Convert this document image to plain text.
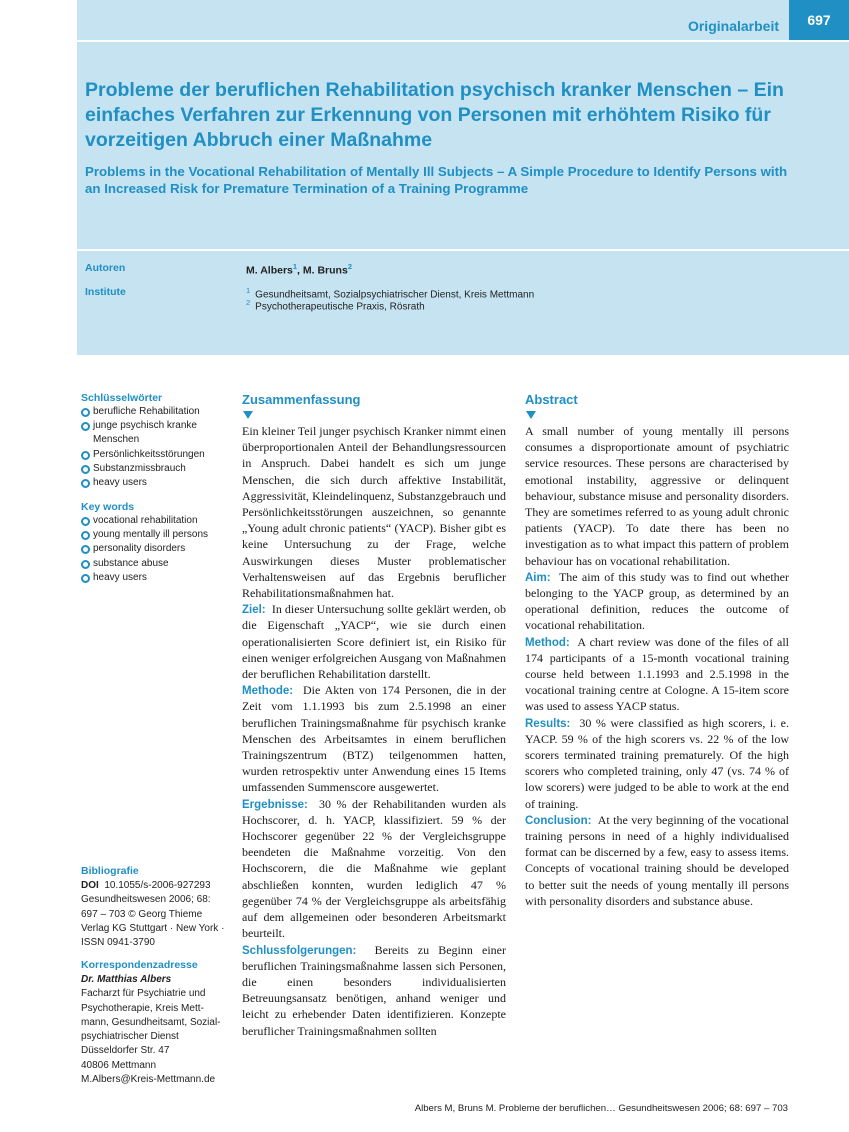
Originalarbeit	697
Probleme der beruflichen Rehabilitation psychisch kranker Menschen – Ein einfaches Verfahren zur Erkennung von Personen mit erhöhtem Risiko für vorzeitigen Abbruch einer Maßnahme
Problems in the Vocational Rehabilitation of Mentally Ill Subjects – A Simple Procedure to Identify Persons with an Increased Risk for Premature Termination of a Training Programme
Autoren	M. Albers$^1$, M. Bruns$^2$
Institute	$^1$ Gesundheitsamt, Sozialpsychiatrischer Dienst, Kreis Mettmann
$^2$ Psychotherapeutische Praxis, Rösrath
Schlüsselwörter
berufliche Rehabilitation
junge psychisch kranke Menschen
Persönlichkeitsstörungen
Substanzmissbrauch
heavy users
Key words
vocational rehabilitation
young mentally ill persons
personality disorders
substance abuse
heavy users
Bibliografie
DOI 10.1055/s-2006-927293
Gesundheitswesen 2006; 68:
697 – 703 © Georg Thieme
Verlag KG Stuttgart · New York ·
ISSN 0941-3790
Korrespondenzadresse
Dr. Matthias Albers
Facharzt für Psychiatrie und
Psychotherapie, Kreis Mett-
mann, Gesundheitsamt, Sozial-
psychiatrischer Dienst
Düsseldorfer Str. 47
40806 Mettmann
M.Albers@Kreis-Mettmann.de
Zusammenfassung

Ein kleiner Teil junger psychisch Kranker nimmt einen überproportionalen Anteil der Behandlungsressourcen in Anspruch. Dabei handelt es sich um junge Menschen, die sich durch affektive Instabilität, Aggressivität, Kleindelinquenz, Substanzgebrauch und Persönlichkeitsstörungen auszeichnen, so genannte „Young adult chronic patients“ (YACP). Bisher gibt es keine Untersuchung zu der Frage, welche Auswirkungen dieses Muster problematischer Verhaltensweisen auf das Ergebnis beruflicher Rehabilitationsmaßnahmen hat.

Ziel: In dieser Untersuchung sollte geklärt werden, ob die Eigenschaft „YACP“, wie sie durch einen operationalisierten Score definiert ist, ein Risiko für einen weniger erfolgreichen Ausgang von Maßnahmen der beruflichen Rehabilitation darstellt.

Methode: Die Akten von 174 Personen, die in der Zeit vom 1.1.1993 bis zum 2.5.1998 an einer beruflichen Trainingsmaßnahme für psychisch kranke Menschen des Arbeitsamtes in einem beruflichen Trainingszentrum (BTZ) teilgenommen hatten, wurden retrospektiv unter Anwendung eines 15 Items umfassenden Summenscore ausgewertet.

Ergebnisse: 30 % der Rehabilitanden wurden als Hochscorer, d. h. YACP, klassifiziert. 59 % der Hochscorer gegenüber 22 % der Vergleichsgruppe beendeten die Maßnahme vorzeitig. Von den Hochscorern, die die Maßnahme wie geplant abschließen konnten, wurden lediglich 47 % gegenüber 74 % der Vergleichsgruppe als arbeitsfähig auf dem allgemeinen oder besonderen Arbeitsmarkt beurteilt.

Schlussfolgerungen: Bereits zu Beginn einer beruflichen Trainingsmaßnahme lassen sich Personen, die einen besonders individualisierten Betreuungsansatz benötigen, anhand weniger und leicht zu erhebender Daten identifizieren. Konzepte beruflicher Trainingsmaßnahmen sollten

Abstract

A small number of young mentally ill persons consumes a disproportionate amount of psychiatric service resources. These persons are characterised by emotional instability, aggressive or delinquent behaviour, substance misuse and personality disorders. They are sometimes referred to as young adult chronic patients (YACP). To date there has been no investigation as to what impact this pattern of problem behaviour has on vocational rehabilitation.

Aim: The aim of this study was to find out whether belonging to the YACP group, as determined by an operational definition, reduces the outcome of vocational rehabilitation.

Method: A chart review was done of the files of all 174 participants of a 15-month vocational training course held between 1.1.1993 and 2.5.1998 in the vocational training centre at Cologne. A 15-item score was used to assess YACP status.

Results: 30 % were classified as high scorers, i. e. YACP. 59 % of the high scorers vs. 22 % of the low scorers terminated training prematurely. Of the high scorers who completed training, only 47 (vs. 74 % of low scorers) were judged to be able to work at the end of training.

Conclusion: At the very beginning of the vocational training persons in need of a highly individualised format can be discerned by a few, easy to assess items. Concepts of vocational training should be developed to better suit the needs of young mentally ill persons with personality disorders and substance abuse.

Albers M, Bruns M. Probleme der beruflichen… Gesundheitswesen 2006; 68: 697 – 703
